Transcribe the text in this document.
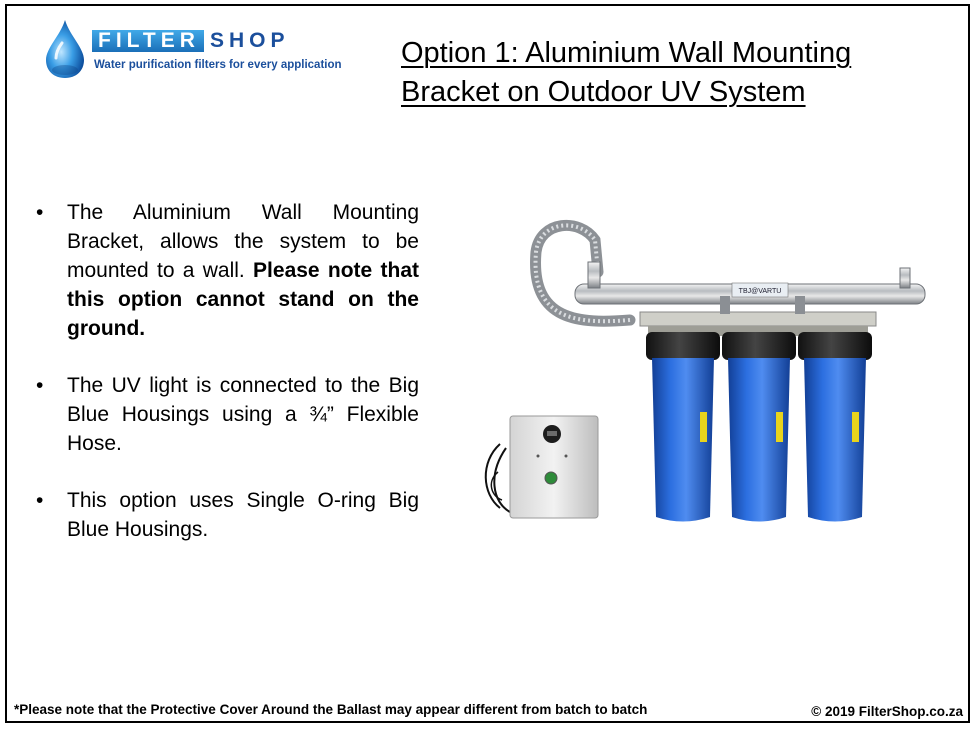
FILTER SHOP
Water purification filters for every application Option 1: Aluminium Wall Mounting
Bracket on Outdoor UV System
• The Aluminium Wall Mounting Bracket, allows the system to be mounted to a wall. Please note that this option cannot stand on the ground.
• The UV light is connected to the Big Blue Housings using a ¾” Flexible Hose.
• This option uses Single O-ring Big Blue Housings.
TBJ@VARTU
*Please note that the Protective Cover Around the Ballast may appear different from batch to batch	© 2019 FilterShop.co.za
